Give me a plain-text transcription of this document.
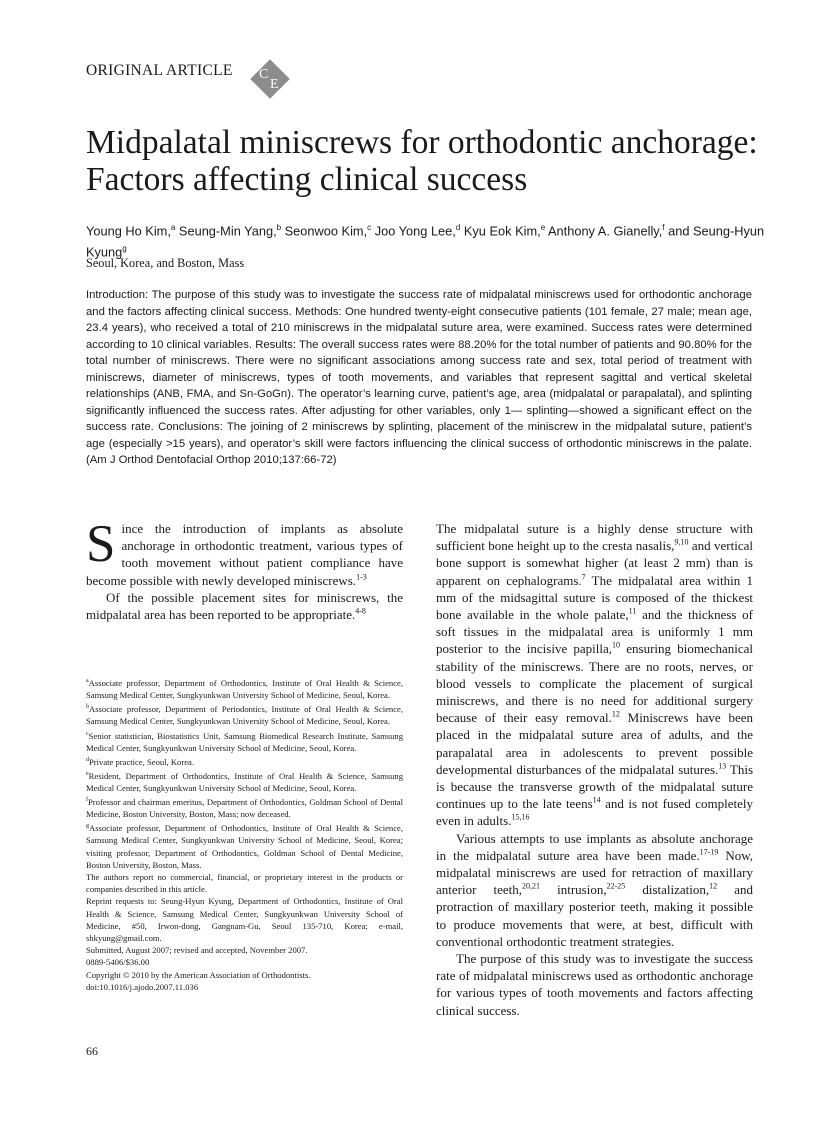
ORIGINAL ARTICLE C
E
Midpalatal miniscrews for orthodontic anchorage: Factors affecting clinical success
Young Ho Kim,$^a$ Seung-Min Yang,$^b$ Seonwoo Kim,$^c$ Joo Yong Lee,$^d$ Kyu Eok Kim,$^e$ Anthony A. Gianelly,$^f$ and Seung-Hyun Kyung$^g$
Seoul, Korea, and Boston, Mass

Introduction: The purpose of this study was to investigate the success rate of midpalatal miniscrews used for orthodontic anchorage and the factors affecting clinical success. Methods: One hundred twenty-eight consecutive patients (101 female, 27 male; mean age, 23.4 years), who received a total of 210 miniscrews in the midpalatal suture area, were examined. Success rates were determined according to 10 clinical variables. Results: The overall success rates were 88.20% for the total number of patients and 90.80% for the total number of miniscrews. There were no significant associations among success rate and sex, total period of treatment with miniscrews, diameter of miniscrews, types of tooth movements, and variables that represent sagittal and vertical skeletal relationships (ANB, FMA, and Sn-GoGn). The operator’s learning curve, patient’s age, area (midpalatal or parapalatal), and splinting significantly influenced the success rates. After adjusting for other variables, only 1— splinting—showed a significant effect on the success rate. Conclusions: The joining of 2 miniscrews by splinting, placement of the miniscrew in the midpalatal suture, patient’s age (especially >15 years), and operator’s skill were factors influencing the clinical success of orthodontic miniscrews in the palate. (Am J Orthod Dentofacial Orthop 2010;137:66-72)

Since the introduction of implants as absolute anchorage in orthodontic treatment, various types of tooth movement without patient compliance have become possible with newly developed miniscrews.$^{1-3}$

Of the possible placement sites for miniscrews, the midpalatal area has been reported to be appropriate.$^{4-8}$

$^a$Associate professor, Department of Orthodontics, Institute of Oral Health & Science, Samsung Medical Center, Sungkyunkwan University School of Medicine, Seoul, Korea.

$^b$Associate professor, Department of Periodontics, Institute of Oral Health & Science, Samsung Medical Center, Sungkyunkwan University School of Medicine, Seoul, Korea.

$^c$Senior statistician, Biostatistics Unit, Samsung Biomedical Research Institute, Samsung Medical Center, Sungkyunkwan University School of Medicine, Seoul, Korea.

$^d$Private practice, Seoul, Korea.

$^e$Resident, Department of Orthodontics, Institute of Oral Health & Science, Samsung Medical Center, Sungkyunkwan University School of Medicine, Seoul, Korea.

$^f$Professor and chairman emeritus, Department of Orthodontics, Goldman School of Dental Medicine, Boston University, Boston, Mass; now deceased.

$^g$Associate professor, Department of Orthodontics, Institute of Oral Health & Science, Samsung Medical Center, Sungkyunkwan University School of Medicine, Seoul, Korea; visiting professor, Department of Orthodontics, Goldman School of Dental Medicine, Boston University, Boston, Mass.

The authors report no commercial, financial, or proprietary interest in the products or companies described in this article.

Reprint requests to: Seung-Hyun Kyung, Department of Orthodontics, Institute of Oral Health & Science, Samsung Medical Center, Sungkyunkwan University School of Medicine, #50, Irwon-dong, Gangnam-Gu, Seoul 135-710, Korea; e-mail, shkyung@gmail.com.

Submitted, August 2007; revised and accepted, November 2007.

0889-5406/$36.00

Copyright © 2010 by the American Association of Orthodontists.

doi:10.1016/j.ajodo.2007.11.036

The midpalatal suture is a highly dense structure with sufficient bone height up to the cresta nasalis,$^{9,10}$ and vertical bone support is somewhat higher (at least 2 mm) than is apparent on cephalograms.$^7$ The midpalatal area within 1 mm of the midsagittal suture is composed of the thickest bone available in the whole palate,$^{11}$ and the thickness of soft tissues in the midpalatal area is uniformly 1 mm posterior to the incisive papilla,$^{10}$ ensuring biomechanical stability of the miniscrews. There are no roots, nerves, or blood vessels to complicate the placement of surgical miniscrews, and there is no need for additional surgery because of their easy removal.$^{12}$ Miniscrews have been placed in the midpalatal suture area of adults, and the parapalatal area in adolescents to prevent possible developmental disturbances of the midpalatal sutures.$^{13}$ This is because the transverse growth of the midpalatal suture continues up to the late teens$^{14}$ and is not fused completely even in adults.$^{15,16}$

Various attempts to use implants as absolute anchorage in the midpalatal suture area have been made.$^{17-19}$ Now, midpalatal miniscrews are used for retraction of maxillary anterior teeth,$^{20,21}$ intrusion,$^{22-25}$ distalization,$^{12}$ and protraction of maxillary posterior teeth, making it possible to produce movements that were, at best, difficult with conventional orthodontic treatment strategies.

The purpose of this study was to investigate the success rate of midpalatal miniscrews used as orthodontic anchorage for various types of tooth movements and factors affecting clinical success.

66
